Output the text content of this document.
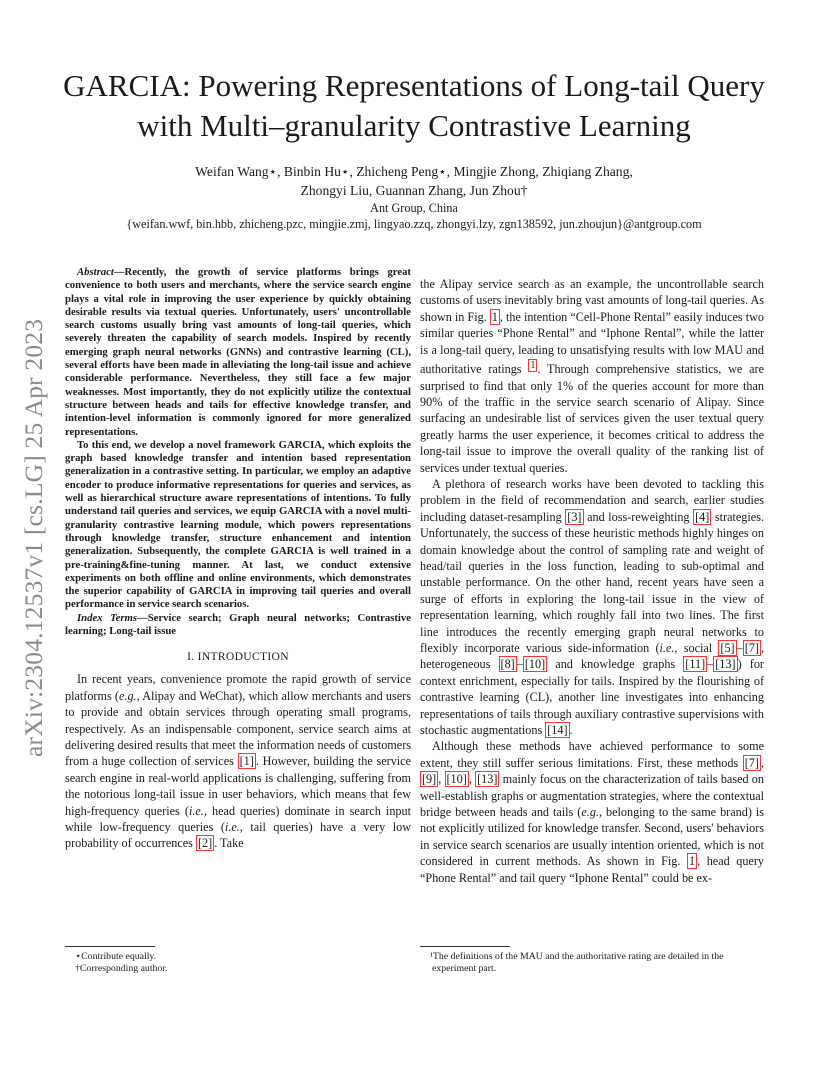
GARCIA: Powering Representations of Long-tail Query with Multi–granularity Contrastive Learning
Weifan Wang⋆, Binbin Hu⋆, Zhicheng Peng⋆, Mingjie Zhong, Zhiqiang Zhang,
Zhongyi Liu, Guannan Zhang, Jun Zhou†
Ant Group, China
{weifan.wwf, bin.hbb, zhicheng.pzc, mingjie.zmj, lingyao.zzq, zhongyi.lzy, zgn138592, jun.zhoujun}@antgroup.com
arXiv:2304.12537v1 [cs.LG] 25 Apr 2023

Abstract—Recently, the growth of service platforms brings great convenience to both users and merchants, where the service search engine plays a vital role in improving the user experience by quickly obtaining desirable results via textual queries. Unfortunately, users' uncontrollable search customs usually bring vast amounts of long-tail queries, which severely threaten the capability of search models. Inspired by recently emerging graph neural networks (GNNs) and contrastive learning (CL), several efforts have been made in alleviating the long-tail issue and achieve considerable performance. Nevertheless, they still face a few major weaknesses. Most importantly, they do not explicitly utilize the contextual structure between heads and tails for effective knowledge transfer, and intention-level information is commonly ignored for more generalized representations.

To this end, we develop a novel framework GARCIA, which exploits the graph based knowledge transfer and intention based representation generalization in a contrastive setting. In particular, we employ an adaptive encoder to produce informative representations for queries and services, as well as hierarchical structure aware representations of intentions. To fully understand tail queries and services, we equip GARCIA with a novel multi-granularity contrastive learning module, which powers representations through knowledge transfer, structure enhancement and intention generalization. Subsequently, the complete GARCIA is well trained in a pre-training&fine-tuning manner. At last, we conduct extensive experiments on both offline and online environments, which demonstrates the superior capability of GARCIA in improving tail queries and overall performance in service search scenarios.

Index Terms—Service search; Graph neural networks; Contrastive learning; Long-tail issue

I. INTRODUCTION

In recent years, convenience promote the rapid growth of service platforms (e.g., Alipay and WeChat), which allow merchants and users to provide and obtain services through operating small programs, respectively. As an indispensable component, service search aims at delivering desired results that meet the information needs of customers from a huge collection of services [1] . However, building the service search engine in real-world applications is challenging, suffering from the notorious long-tail issue in user behaviors, which means that few high-frequency queries (i.e., head queries) dominate in search input while low-frequency queries (i.e., tail queries) have a very low probability of occurrences [2] . Take

the Alipay service search as an example, the uncontrollable search customs of users inevitably bring vast amounts of long-tail queries. As shown in Fig. 1 , the intention “Cell-Phone Rental” easily induces two similar queries “Phone Rental” and “Iphone Rental”, while the latter is a long-tail query, leading to unsatisfying results with low MAU and authoritative ratings $^1$ . Through comprehensive statistics, we are surprised to find that only 1% of the queries account for more than 90% of the traffic in the service search scenario of Alipay. Since surfacing an undesirable list of services given the user textual query greatly harms the user experience, it becomes critical to address the long-tail issue to improve the overall quality of the ranking list of services under textual queries.

A plethora of research works have been devoted to tackling this problem in the field of recommendation and search, earlier studies including dataset-resampling [3] and loss-reweighting [4] strategies. Unfortunately, the success of these heuristic methods highly hinges on domain knowledge about the control of sampling rate and weight of head/tail queries in the loss function, leading to sub-optimal and unstable performance. On the other hand, recent years have seen a surge of efforts in exploring the long-tail issue in the view of representation learning, which roughly fall into two lines. The first line introduces the recently emerging graph neural networks to flexibly incorporate various side-information (i.e., social [5] – [7] , heterogeneous [8] – [10] and knowledge graphs [11] – [13] ) for context enrichment, especially for tails. Inspired by the flourishing of contrastive learning (CL), another line investigates into enhancing representations of tails through auxiliary contrastive supervisions with stochastic augmentations [14] .

Although these methods have achieved performance to some extent, they still suffer serious limitations. First, these methods [7] , [9] , [10] , [13] mainly focus on the characterization of tails based on well-establish graphs or augmentation strategies, where the contextual bridge between heads and tails (e.g., belonging to the same brand) is not explicitly utilized for knowledge transfer. Second, users' behaviors in service search scenarios are usually intention oriented, which is not considered in current methods. As shown in Fig. 1 , head query “Phone Rental” and tail query “Iphone Rental” could be ex-

⋆Contribute equally.
†Corresponding author.
¹The definitions of the MAU and the authoritative rating are detailed in the experiment part.
